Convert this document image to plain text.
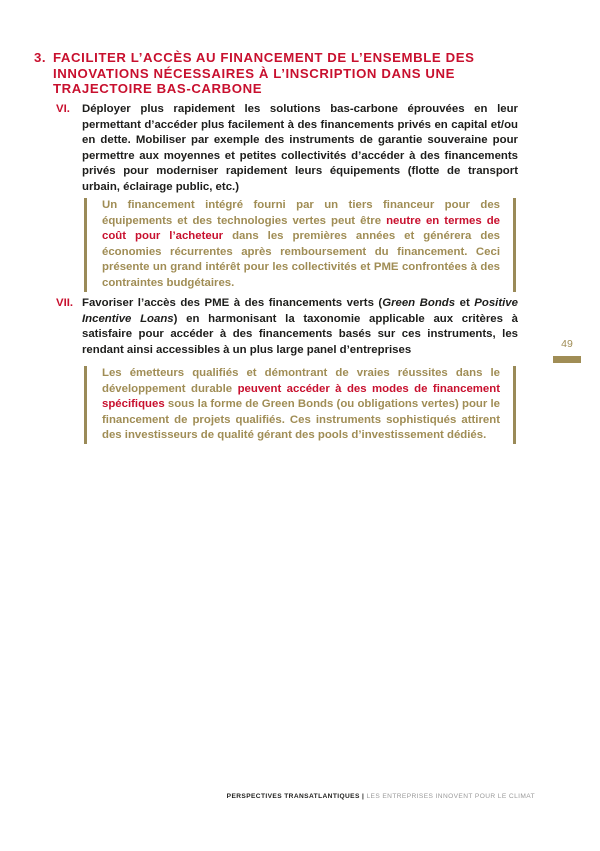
3. FACILITER L’ACCÈS AU FINANCEMENT DE L’ENSEMBLE DES INNOVATIONS NÉCESSAIRES À L’INSCRIPTION DANS UNE TRAJECTOIRE BAS-CARBONE
VI.	Déployer plus rapidement les solutions bas-carbone éprouvées en leur permettant d’accéder plus facilement à des financements privés en capital et/ou en dette. Mobiliser par exemple des instruments de garantie souveraine pour permettre aux moyennes et petites collectivités d’accéder à des financements privés pour moderniser rapidement leurs équipements (flotte de transport urbain, éclairage public, etc.)
Un financement intégré fourni par un tiers financeur pour des équipements et des technologies vertes peut être neutre en termes de coût pour l’acheteur dans les premières années et générera des économies récurrentes après remboursement du financement. Ceci présente un grand intérêt pour les collectivités et PME confrontées à des contraintes budgétaires.
VII. Favoriser l’accès des PME à des financements verts (Green Bonds et Positive Incentive Loans) en harmonisant la taxonomie applicable aux critères à satisfaire pour accéder à des financements basés sur ces instruments, les rendant ainsi accessibles à un plus large panel d’entreprises
Les émetteurs qualifiés et démontrant de vraies réussites dans le développement durable peuvent accéder à des modes de financement spécifiques sous la forme de Green Bonds (ou obligations vertes) pour le financement de projets qualifiés. Ces instruments sophistiqués attirent des investisseurs de qualité gérant des pools d’investissement dédiés.
49
PERSPECTIVES TRANSATLANTIQUES | LES ENTREPRISES INNOVENT POUR LE CLIMAT
